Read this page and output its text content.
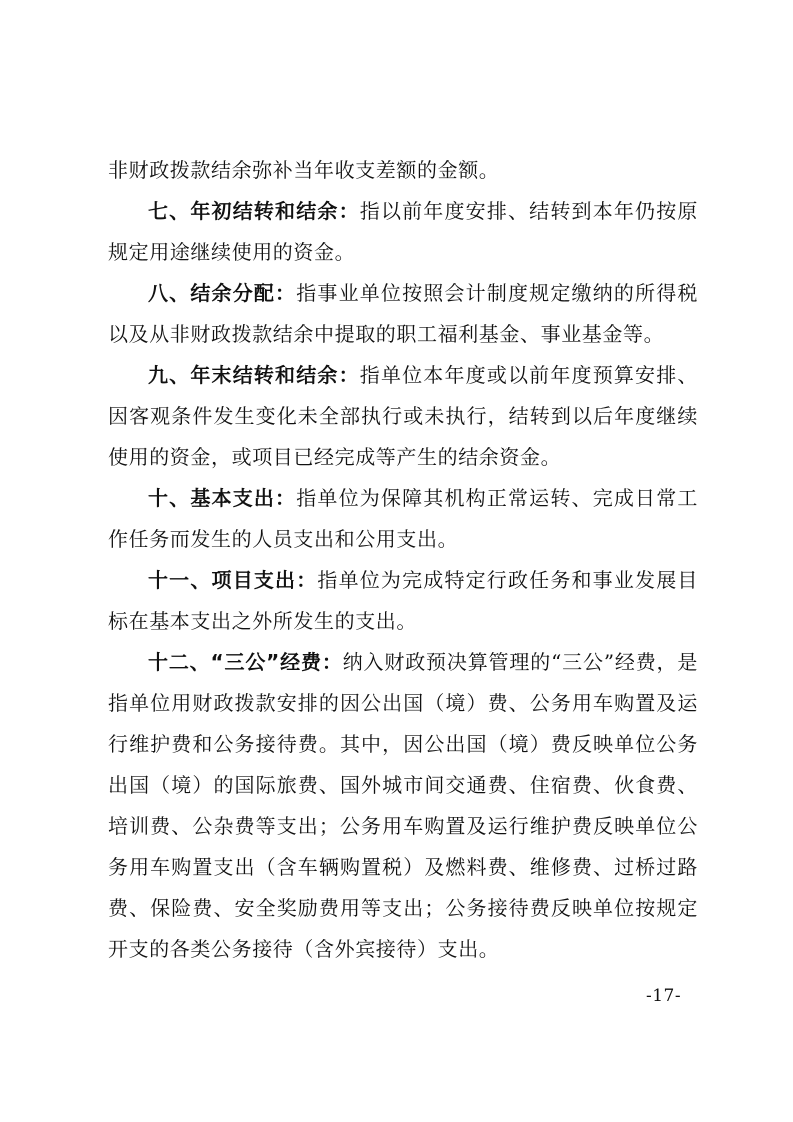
非财政拨款结余弥补当年收支差额的金额。

七、年初结转和结余：指以前年度安排、结转到本年仍按原规定用途继续使用的资金。

八、结余分配：指事业单位按照会计制度规定缴纳的所得税以及从非财政拨款结余中提取的职工福利基金、事业基金等。

九、年末结转和结余：指单位本年度或以前年度预算安排、因客观条件发生变化未全部执行或未执行，结转到以后年度继续使用的资金，或项目已经完成等产生的结余资金。

十、基本支出：指单位为保障其机构正常运转、完成日常工作任务而发生的人员支出和公用支出。

十一、项目支出：指单位为完成特定行政任务和事业发展目标在基本支出之外所发生的支出。

十二、“三公”经费：纳入财政预决算管理的“三公”经费，是指单位用财政拨款安排的因公出国（境）费、公务用车购置及运行维护费和公务接待费。其中，因公出国（境）费反映单位公务出国（境）的国际旅费、国外城市间交通费、住宿费、伙食费、培训费、公杂费等支出；公务用车购置及运行维护费反映单位公务用车购置支出（含车辆购置税）及燃料费、维修费、过桥过路费、保险费、安全奖励费用等支出；公务接待费反映单位按规定开支的各类公务接待（含外宾接待）支出。

-17-
